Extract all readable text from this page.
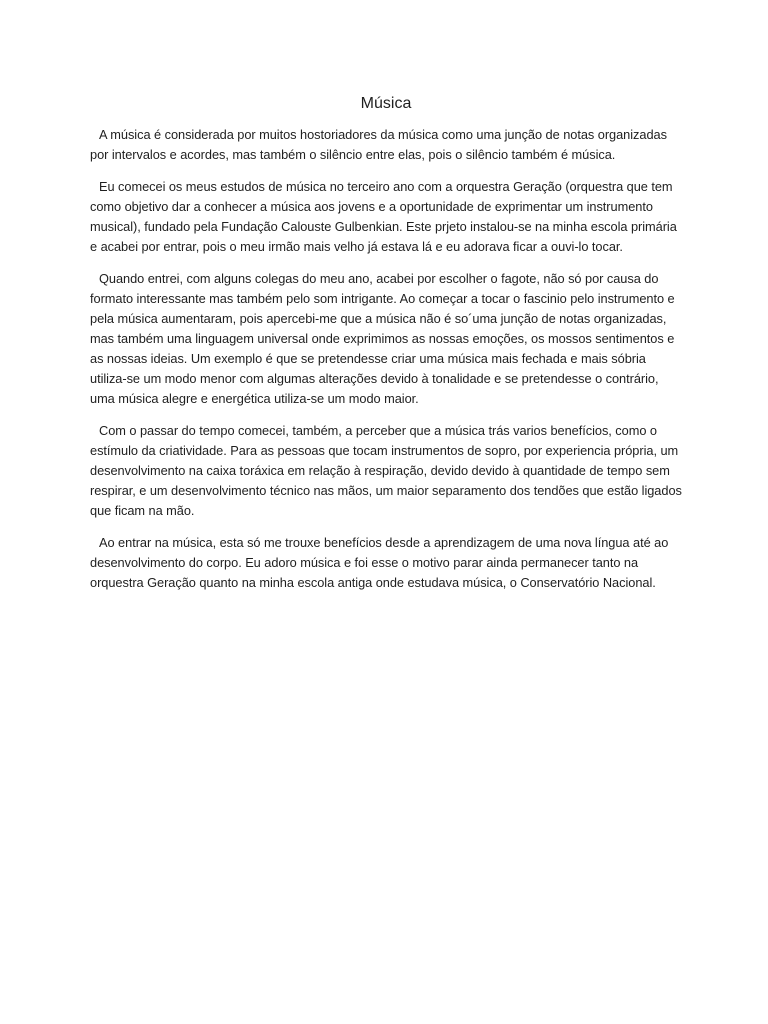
Música

A música é considerada por muitos hostoriadores da música como uma junção de notas organizadas por intervalos e acordes, mas também o silêncio entre elas, pois o silêncio também é música.

Eu comecei os meus estudos de música no terceiro ano com a orquestra Geração (orquestra que tem como objetivo dar a conhecer a música aos jovens e a oportunidade de exprimentar um instrumento musical), fundado pela Fundação Calouste Gulbenkian. Este prjeto instalou-se na minha escola primária e acabei por entrar, pois o meu irmão mais velho já estava lá e eu adorava ficar a ouvi-lo tocar.

Quando entrei, com alguns colegas do meu ano, acabei por escolher o fagote, não só por causa do formato interessante mas também pelo som intrigante. Ao começar a tocar o fascinio pelo instrumento e pela música aumentaram, pois apercebi-me que a música não é so´uma junção de notas organizadas, mas também uma linguagem universal onde exprimimos as nossas emoções, os mossos sentimentos e as nossas ideias. Um exemplo é que se pretendesse criar uma música mais fechada e mais sóbria utiliza-se um modo menor com algumas alterações devido à tonalidade e se pretendesse o contrário, uma música alegre e energética utiliza-se um modo maior.

Com o passar do tempo comecei, também, a perceber que a música trás varios benefícios, como o estímulo da criatividade. Para as pessoas que tocam instrumentos de sopro, por experiencia própria, um desenvolvimento na caixa toráxica em relação à respiração, devido devido à quantidade de tempo sem respirar, e um desenvolvimento técnico nas mãos, um maior separamento dos tendões que estão ligados que ficam na mão.

Ao entrar na música, esta só me trouxe benefícios desde a aprendizagem de uma nova língua até ao desenvolvimento do corpo. Eu adoro música e foi esse o motivo parar ainda permanecer tanto na orquestra Geração quanto na minha escola antiga onde estudava música, o Conservatório Nacional.
